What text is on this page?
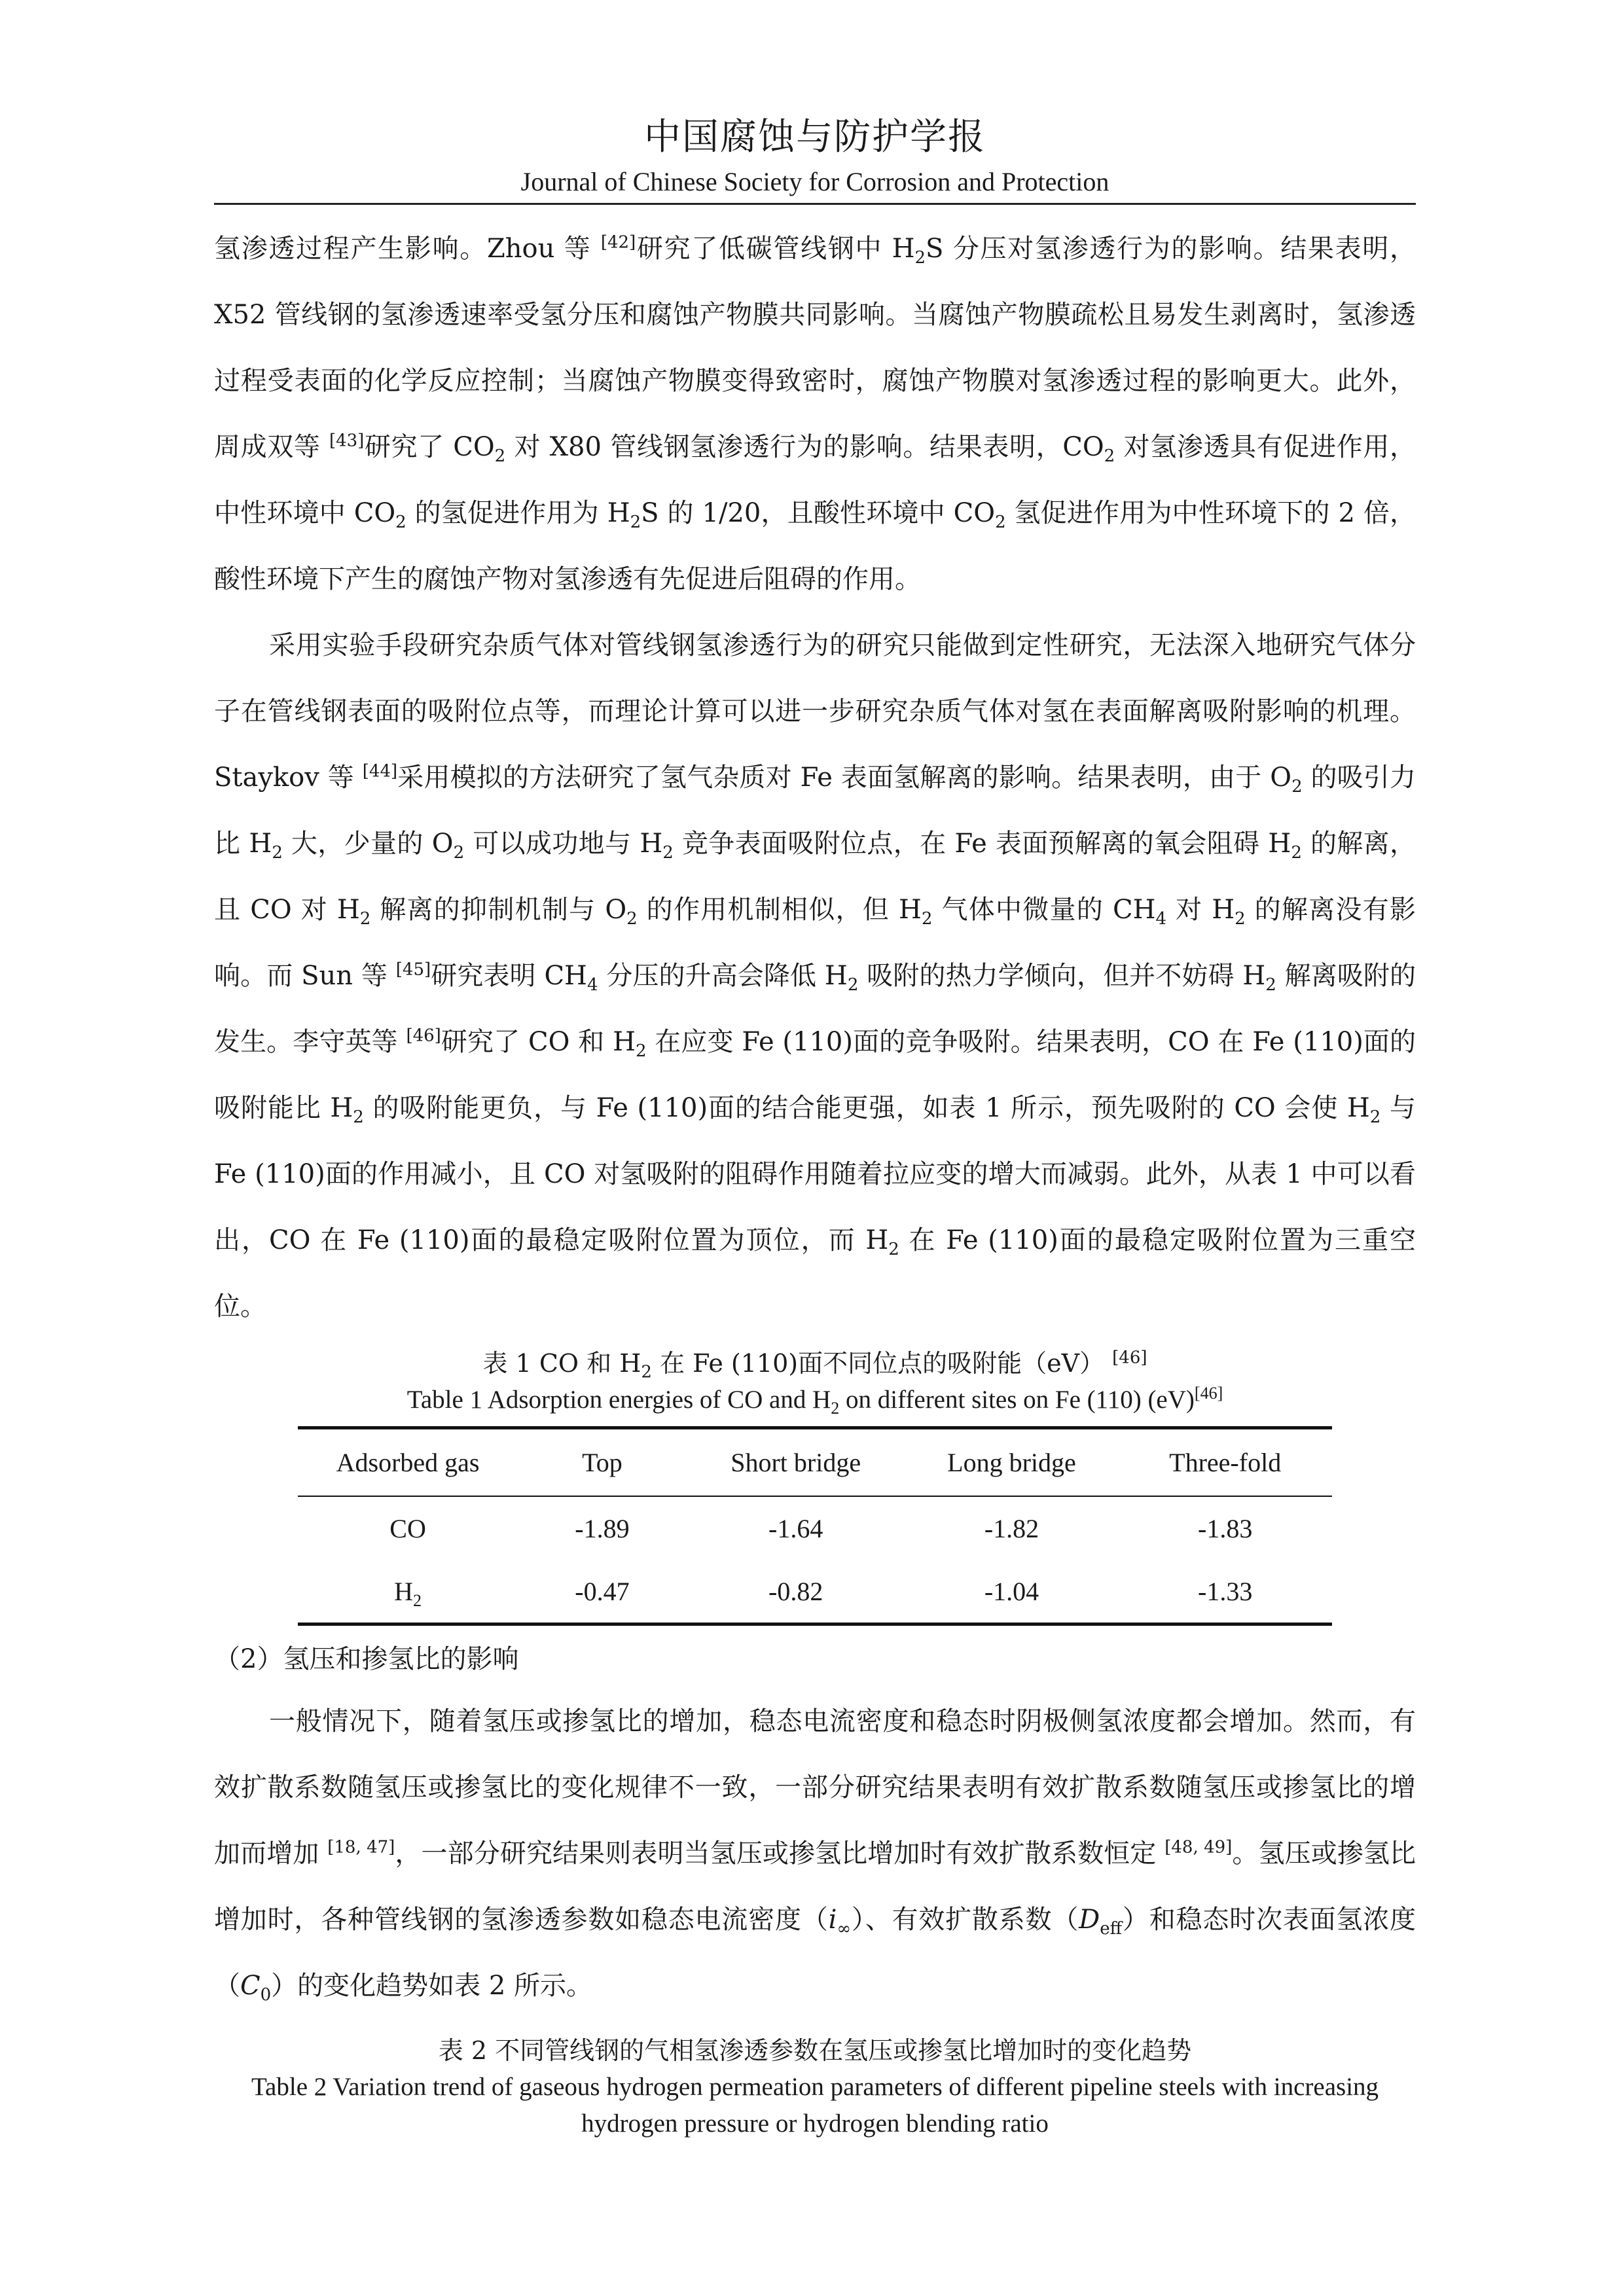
中国腐蚀与防护学报
Journal of Chinese Society for Corrosion and Protection

氢渗透过程产生影响。Zhou 等 [42]研究了低碳管线钢中 $H_2S$ 分压对氢渗透行为的影响。结果表明，X52 管线钢的氢渗透速率受氢分压和腐蚀产物膜共同影响。当腐蚀产物膜疏松且易发生剥离时，氢渗透过程受表面的化学反应控制；当腐蚀产物膜变得致密时，腐蚀产物膜对氢渗透过程的影响更大。此外，周成双等 [43]研究了 $CO_2$ 对 X80 管线钢氢渗透行为的影响。结果表明，$CO_2$ 对氢渗透具有促进作用，中性环境中 $CO_2$ 的氢促进作用为 $H_2S$ 的 1/20，且酸性环境中 $CO_2$ 氢促进作用为中性环境下的 2 倍，酸性环境下产生的腐蚀产物对氢渗透有先促进后阻碍的作用。

采用实验手段研究杂质气体对管线钢氢渗透行为的研究只能做到定性研究，无法深入地研究气体分子在管线钢表面的吸附位点等，而理论计算可以进一步研究杂质气体对氢在表面解离吸附影响的机理。Staykov 等 [44]采用模拟的方法研究了氢气杂质对 Fe 表面氢解离的影响。结果表明，由于 $O_2$ 的吸引力比 $H_2$ 大，少量的 $O_2$ 可以成功地与 $H_2$ 竞争表面吸附位点，在 Fe 表面预解离的氧会阻碍 $H_2$ 的解离，且 CO 对 $H_2$ 解离的抑制机制与 $O_2$ 的作用机制相似，但 $H_2$ 气体中微量的 $CH_4$ 对 $H_2$ 的解离没有影响。而 Sun 等 [45]研究表明 $CH_4$ 分压的升高会降低 $H_2$ 吸附的热力学倾向，但并不妨碍 $H_2$ 解离吸附的发生。李守英等 [46]研究了 CO 和 $H_2$ 在应变 Fe (110)面的竞争吸附。结果表明，CO 在 Fe (110)面的吸附能比 $H_2$ 的吸附能更负，与 Fe (110)面的结合能更强，如表 1 所示，预先吸附的 CO 会使 $H_2$ 与 Fe (110)面的作用减小，且 CO 对氢吸附的阻碍作用随着拉应变的增大而减弱。此外，从表 1 中可以看出，CO 在 Fe (110)面的最稳定吸附位置为顶位，而 $H_2$ 在 Fe (110)面的最稳定吸附位置为三重空位。

表 1 CO 和 $H_2$ 在 Fe (110)面不同位点的吸附能（eV） [46]
Table 1 Adsorption energies of CO and $H_2$ on different sites on Fe (110) (eV)[46]
Adsorbed gas	Top	Short bridge	Long bridge	Three-fold
CO	-1.89	-1.64	-1.82	-1.83
$H_2$	-0.47	-0.82	-1.04	-1.33
（2）氢压和掺氢比的影响

一般情况下，随着氢压或掺氢比的增加，稳态电流密度和稳态时阴极侧氢浓度都会增加。然而，有效扩散系数随氢压或掺氢比的变化规律不一致，一部分研究结果表明有效扩散系数随氢压或掺氢比的增加而增加 [18, 47]，一部分研究结果则表明当氢压或掺氢比增加时有效扩散系数恒定 [48, 49]。氢压或掺氢比增加时，各种管线钢的氢渗透参数如稳态电流密度$(i_\infty)$、有效扩散系数$(D_{eff})$和稳态时次表面氢浓度$(C_0)$的变化趋势如表 2 所示。

表 2 不同管线钢的气相氢渗透参数在氢压或掺氢比增加时的变化趋势
Table 2 Variation trend of gaseous hydrogen permeation parameters of different pipeline steels with increasing hydrogen pressure or hydrogen blending ratio
